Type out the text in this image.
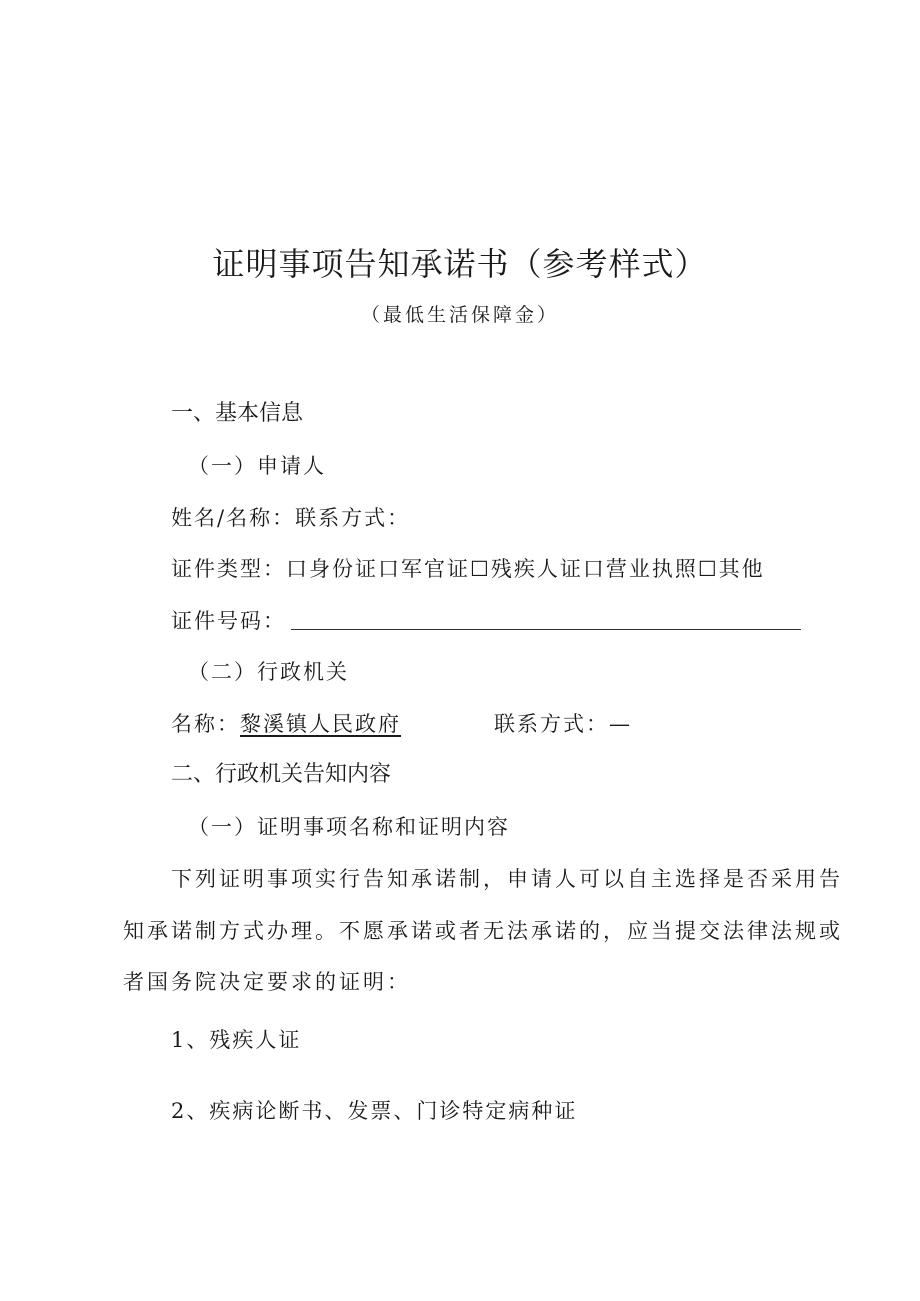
证明事项告知承诺书（参考样式）
（最低生活保障金）
一、基本信息
（一）申请人
姓名/名称：联系方式：
证件类型：口身份证口军官证☐残疾人证口营业执照☐其他
证件号码：
（二）行政机关
名称：黎溪镇人民政府	联系方式：—
二、行政机关告知内容
（一）证明事项名称和证明内容
下列证明事项实行告知承诺制，申请人可以自主选择是否采用告
知承诺制方式办理。不愿承诺或者无法承诺的，应当提交法律法规或
者国务院决定要求的证明：
1、残疾人证
2、疾病论断书、发票、门诊特定病种证
